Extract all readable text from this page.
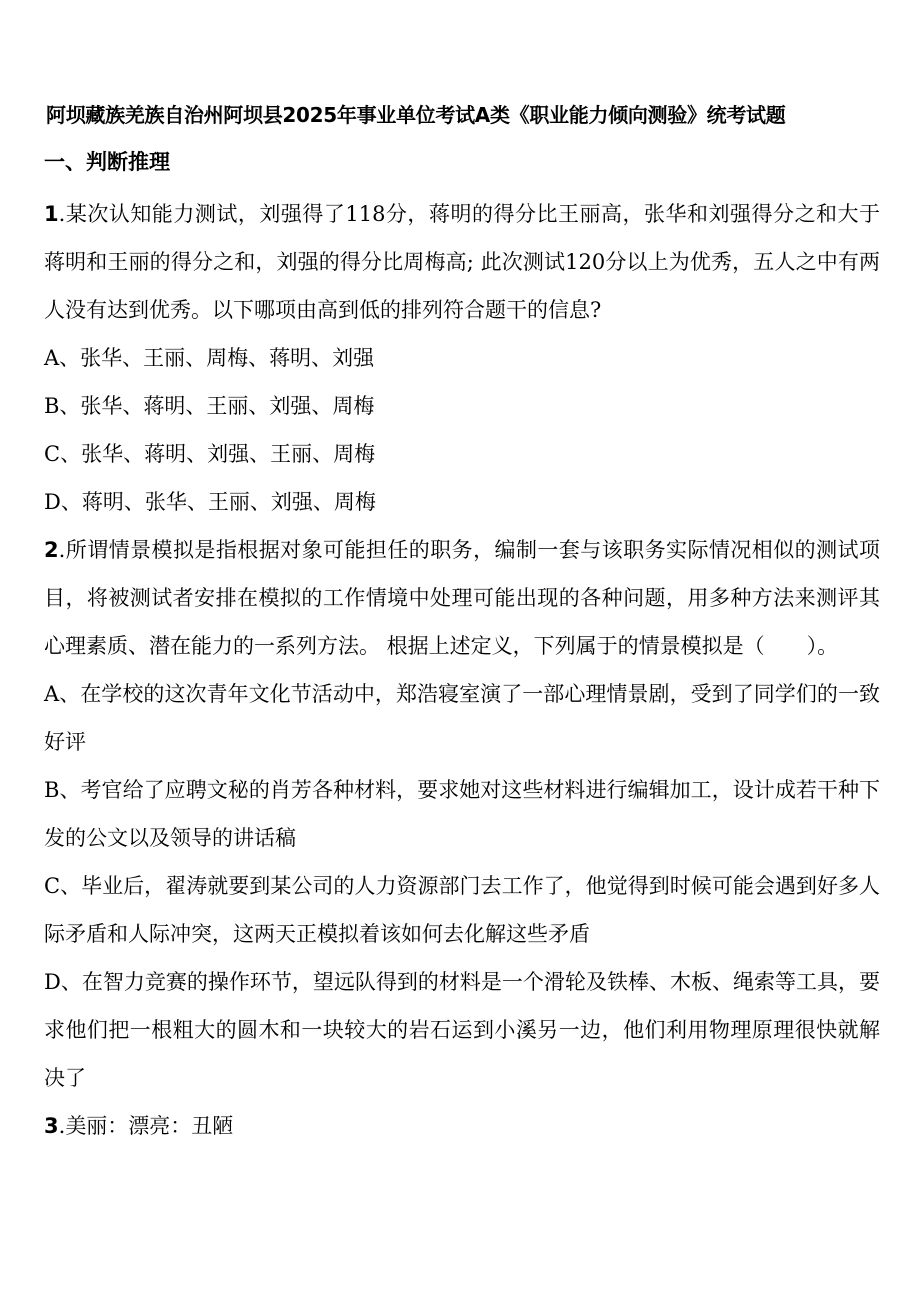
阿坝藏族羌族自治州阿坝县2025年事业单位考试A类《职业能力倾向测验》统考试题
一、判断推理

1.某次认知能力测试，刘强得了118分，蒋明的得分比王丽高，张华和刘强得分之和大于蒋明和王丽的得分之和，刘强的得分比周梅高; 此次测试120分以上为优秀，五人之中有两人没有达到优秀。以下哪项由高到低的排列符合题干的信息?

A、张华、王丽、周梅、蒋明、刘强

B、张华、蒋明、王丽、刘强、周梅

C、张华、蒋明、刘强、王丽、周梅

D、蒋明、张华、王丽、刘强、周梅

2.所谓情景模拟是指根据对象可能担任的职务，编制一套与该职务实际情况相似的测试项目，将被测试者安排在模拟的工作情境中处理可能出现的各种问题，用多种方法来测评其 心理素质、潜在能力的一系列方法。 根据上述定义，下列属于的情景模拟是（　　）。

A、在学校的这次青年文化节活动中，郑浩寝室演了一部心理情景剧，受到了同学们的一致好评

B、考官给了应聘文秘的肖芳各种材料，要求她对这些材料进行编辑加工，设计成若干种下发的公文以及领导的讲话稿

C、毕业后，翟涛就要到某公司的人力资源部门去工作了，他觉得到时候可能会遇到好多人际矛盾和人际冲突，这两天正模拟着该如何去化解这些矛盾

D、在智力竞赛的操作环节，望远队得到的材料是一个滑轮及铁棒、木板、绳索等工具，要求他们把一根粗大的圆木和一块较大的岩石运到小溪另一边，他们利用物理原理很快就解决了

3.美丽：漂亮：丑陋
